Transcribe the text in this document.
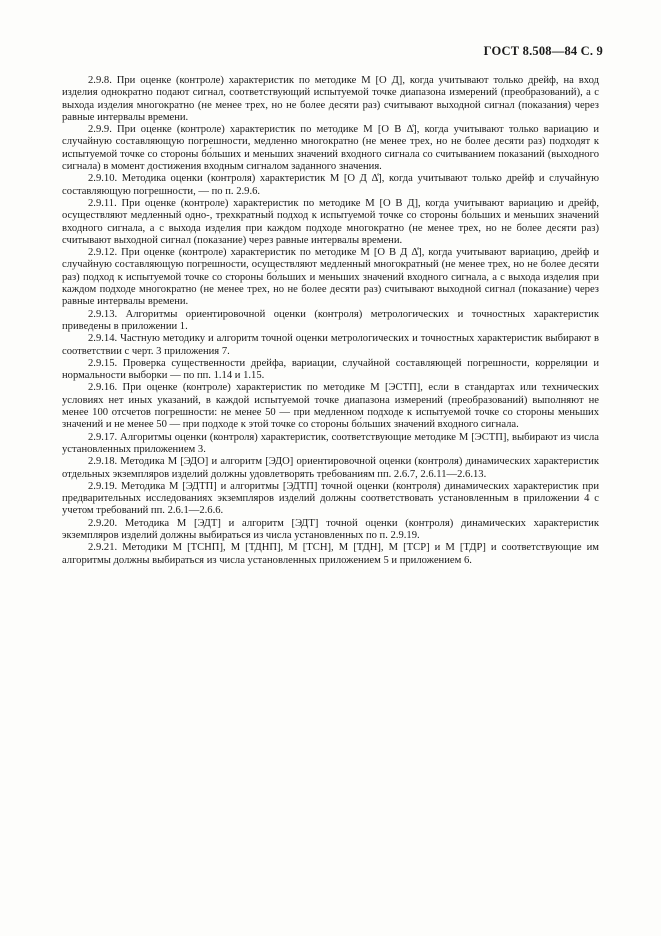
ГОСТ 8.508—84 С. 9

2.9.8. При оценке (контроле) характеристик по методике М [О Д], когда учитывают только дрейф, на вход изделия однократно подают сигнал, соответствующий испытуемой точке диапазона измерений (преобразований), а с выхода изделия многократно (не менее трех, но не более десяти раз) считывают выходной сигнал (показания) через равные интервалы времени.

2.9.9. При оценке (контроле) характеристик по методике М [О В Δ̊], когда учитывают только вариацию и случайную составляющую погрешности, медленно многократно (не менее трех, но не более десяти раз) подходят к испытуемой точке со стороны бо́льших и меньших значений входного сигнала со считыванием показаний (выходного сигнала) в момент достижения входным сигналом заданного значения.

2.9.10. Методика оценки (контроля) характеристик М [О Д Δ̊], когда учитывают только дрейф и случайную составляющую погрешности, — по п. 2.9.6.

2.9.11. При оценке (контроле) характеристик по методике М [О В Д], когда учитывают вариацию и дрейф, осуществляют медленный одно-, трехкратный подход к испытуемой точке со стороны бо́льших и меньших значений входного сигнала, а с выхода изделия при каждом подходе многократно (не менее трех, но не более десяти раз) считывают выходной сигнал (показание) через равные интервалы времени.

2.9.12. При оценке (контроле) характеристик по методике М [О В Д Δ̊], когда учитывают вариацию, дрейф и случайную составляющую погрешности, осуществляют медленный многократный (не менее трех, но не более десяти раз) подход к испытуемой точке со стороны бо́льших и меньших значений входного сигнала, а с выхода изделия при каждом подходе многократно (не менее трех, но не более десяти раз) считывают выходной сигнал (показание) через равные интервалы времени.

2.9.13. Алгоритмы ориентировочной оценки (контроля) метрологических и точностных характеристик приведены в приложении 1.

2.9.14. Частную методику и алгоритм точной оценки метрологических и точностных характеристик выбирают в соответствии с черт. 3 приложения 7.

2.9.15. Проверка существенности дрейфа, вариации, случайной составляющей погрешности, корреляции и нормальности выборки — по пп. 1.14 и 1.15.

2.9.16. При оценке (контроле) характеристик по методике М [ЭСТП], если в стандартах или технических условиях нет иных указаний, в каждой испытуемой точке диапазона измерений (преобразований) выполняют не менее 100 отсчетов погрешности: не менее 50 — при медленном подходе к испытуемой точке со стороны меньших значений и не менее 50 — при подходе к этой точке со стороны бо́льших значений входного сигнала.

2.9.17. Алгоритмы оценки (контроля) характеристик, соответствующие методике М [ЭСТП], выбирают из числа установленных приложением 3.

2.9.18. Методика М [ЭДО] и алгоритм [ЭДО] ориентировочной оценки (контроля) динамических характеристик отдельных экземпляров изделий должны удовлетворять требованиям пп. 2.6.7, 2.6.11—2.6.13.

2.9.19. Методика М [ЭДТП] и алгоритмы [ЭДТП] точной оценки (контроля) динамических характеристик при предварительных исследованиях экземпляров изделий должны соответствовать установленным в приложении 4 с учетом требований пп. 2.6.1—2.6.6.

2.9.20. Методика М [ЭДТ] и алгоритм [ЭДТ] точной оценки (контроля) динамических характеристик экземпляров изделий должны выбираться из числа установленных по п. 2.9.19.

2.9.21. Методики М [ТСНП], М [ТДНП], М [ТСН], М [ТДН], М [ТСР] и М [ТДР] и соответствующие им алгоритмы должны выбираться из числа установленных приложением 5 и приложением 6.
